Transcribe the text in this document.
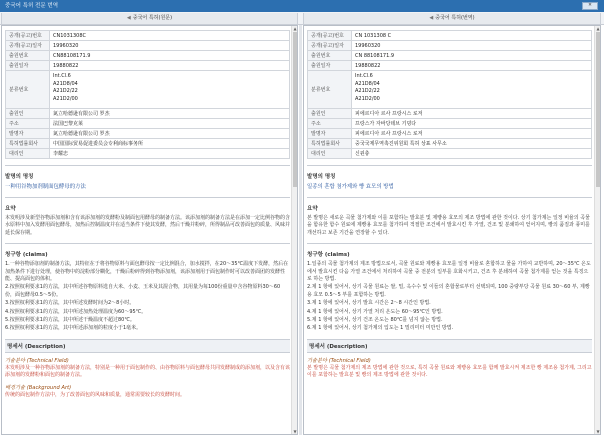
중국어 특허 전문 번역	✕
◀ 중국어 특허(원문)	◀ 중국어 특허(번역)
공개(공고)번호	CN1031308C
공개(공고)일자	19960320
출원번호	CN88108171.9
출원일자	19880822
분류번호	Int.Cl.6
A21D8/04
A21D2/22
A21D2/00
출원인	氮立哈德逊有限公司 罗杰
주소	法国巴黎克莱
발명자	氮立哈德逊有限公司 罗杰
특허법률회사	中国国际贸易促进委员会专利商标事务所
대리인	李耀忠
발명의 명칭
一种用谷物加剂制面包酵母的方法
요약
本发明涉及新型谷物添加剂和含有该添加剂的发酵粉及制面包用酵母的制备方法。该添加剂的制备方法是在添加一定比例谷物的含水原料中加入发酵用面包酵母，加热后控制温度并在适当条件下使其发酵，然后干燥并粉碎，所得制品可改善面包的质量、风味并延长保存期。
청구항 (claims)
1.一种谷物添加剂的制备方法，其特征在于将谷物原料与面包酵母按一定比例混合，加水搅拌，在20～35℃温度下发酵，然后在加热条件下进行处理，使谷物中的淀粉部分糊化，干燥后粉碎得到谷物添加剂，该添加剂用于面包制作时可以改善面团的发酵性能、提高面包的体积。
2.按照权利要求1的方法，其中所述谷物原料选自大米、小麦、玉米及其混合物，其用量为每100份重量中含谷物原料30～60份，面包酵母0.5～5份。
3.按照权利要求1的方法，其中所述发酵时间为2～8小时。
4.按照权利要求1的方法，其中所述加热处理温度为60～95℃。
5.按照权利要求1的方法，其中所述干燥温度不超过80℃。
6.按照权利要求1的方法，其中所述添加剂的粒度小于1毫米。
명세서 (Description)
기술분야 (Technical Field)
本发明涉及一种谷物添加剂的制备方法，特别是一种用于面包制作的、由谷物原料与面包酵母共同发酵制成的添加剂，以及含有该添加剂的发酵粉和面包的制备方法。
배경기술 (Background Art)
传统的面包制作方法中，为了改善面包的风味和质量，通常需要较长的发酵时间。
▲
▼
공개(공고)번호	CN 1031308 C
공개(공고)일자	19960320
출원번호	CN 88108171.9
출원일자	19880822
분류번호	Int.Cl.6
A21D8/04
A21D2/22
A21D2/00
출원인	피에르디아 르사 프랑시스 로저
주소	프랑스가 자바당데브 기뎡다
발명자	피에르디아 르사 프랑시스 로저
특허법률회사	중국국제무역촉진위원회 특허 상표 사무소
대리인	신윈충
발명의 명칭
일종의 혼합 첨가제와 빵 효모의 방법
요약
본 발명은 새로운 곡물 첨가제와 이를 포함하는 발효분 및 제빵용 효모의 제조 방법에 관한 것이다. 상기 첨가제는 일정 비율의 곡물을 함유한 함수 원료에 제빵용 효모를 첨가하여 적절한 조건에서 발효시킨 후 가열, 건조 및 분쇄하여 얻어지며, 빵의 품질과 풍미를 개선하고 보존 기간을 연장할 수 있다.
청구항 (claims)
1.일종의 곡물 첨가제의 제조 방법으로서, 곡물 원료와 제빵용 효모를 일정 비율로 혼합하고 물을 가하여 교반하며, 20～35℃ 온도에서 발효시킨 다음 가열 조건에서 처리하여 곡물 중 전분의 일부를 호화시키고, 건조 후 분쇄하여 곡물 첨가제를 얻는 것을 특징으로 하는 방법.
2.제 1 항에 있어서, 상기 곡물 원료는 쌀, 밀, 옥수수 및 이들의 혼합물로부터 선택되며, 100 중량부당 곡물 원료 30～60 부, 제빵용 효모 0.5～5 부를 포함하는 방법.
3.제 1 항에 있어서, 상기 발효 시간은 2～8 시간인 방법.
4.제 1 항에 있어서, 상기 가열 처리 온도는 60～95℃인 방법.
5.제 1 항에 있어서, 상기 건조 온도는 80℃를 넘지 않는 방법.
6.제 1 항에 있어서, 상기 첨가제의 입도는 1 밀리미터 미만인 방법.
명세서 (Description)
기술분야 (Technical Field)
본 발명은 곡물 첨가제의 제조 방법에 관한 것으로, 특히 곡물 원료와 제빵용 효모를 함께 발효시켜 제조한 빵 제조용 첨가제, 그리고 이를 포함하는 발효분 및 빵의 제조 방법에 관한 것이다.
▲
▼
